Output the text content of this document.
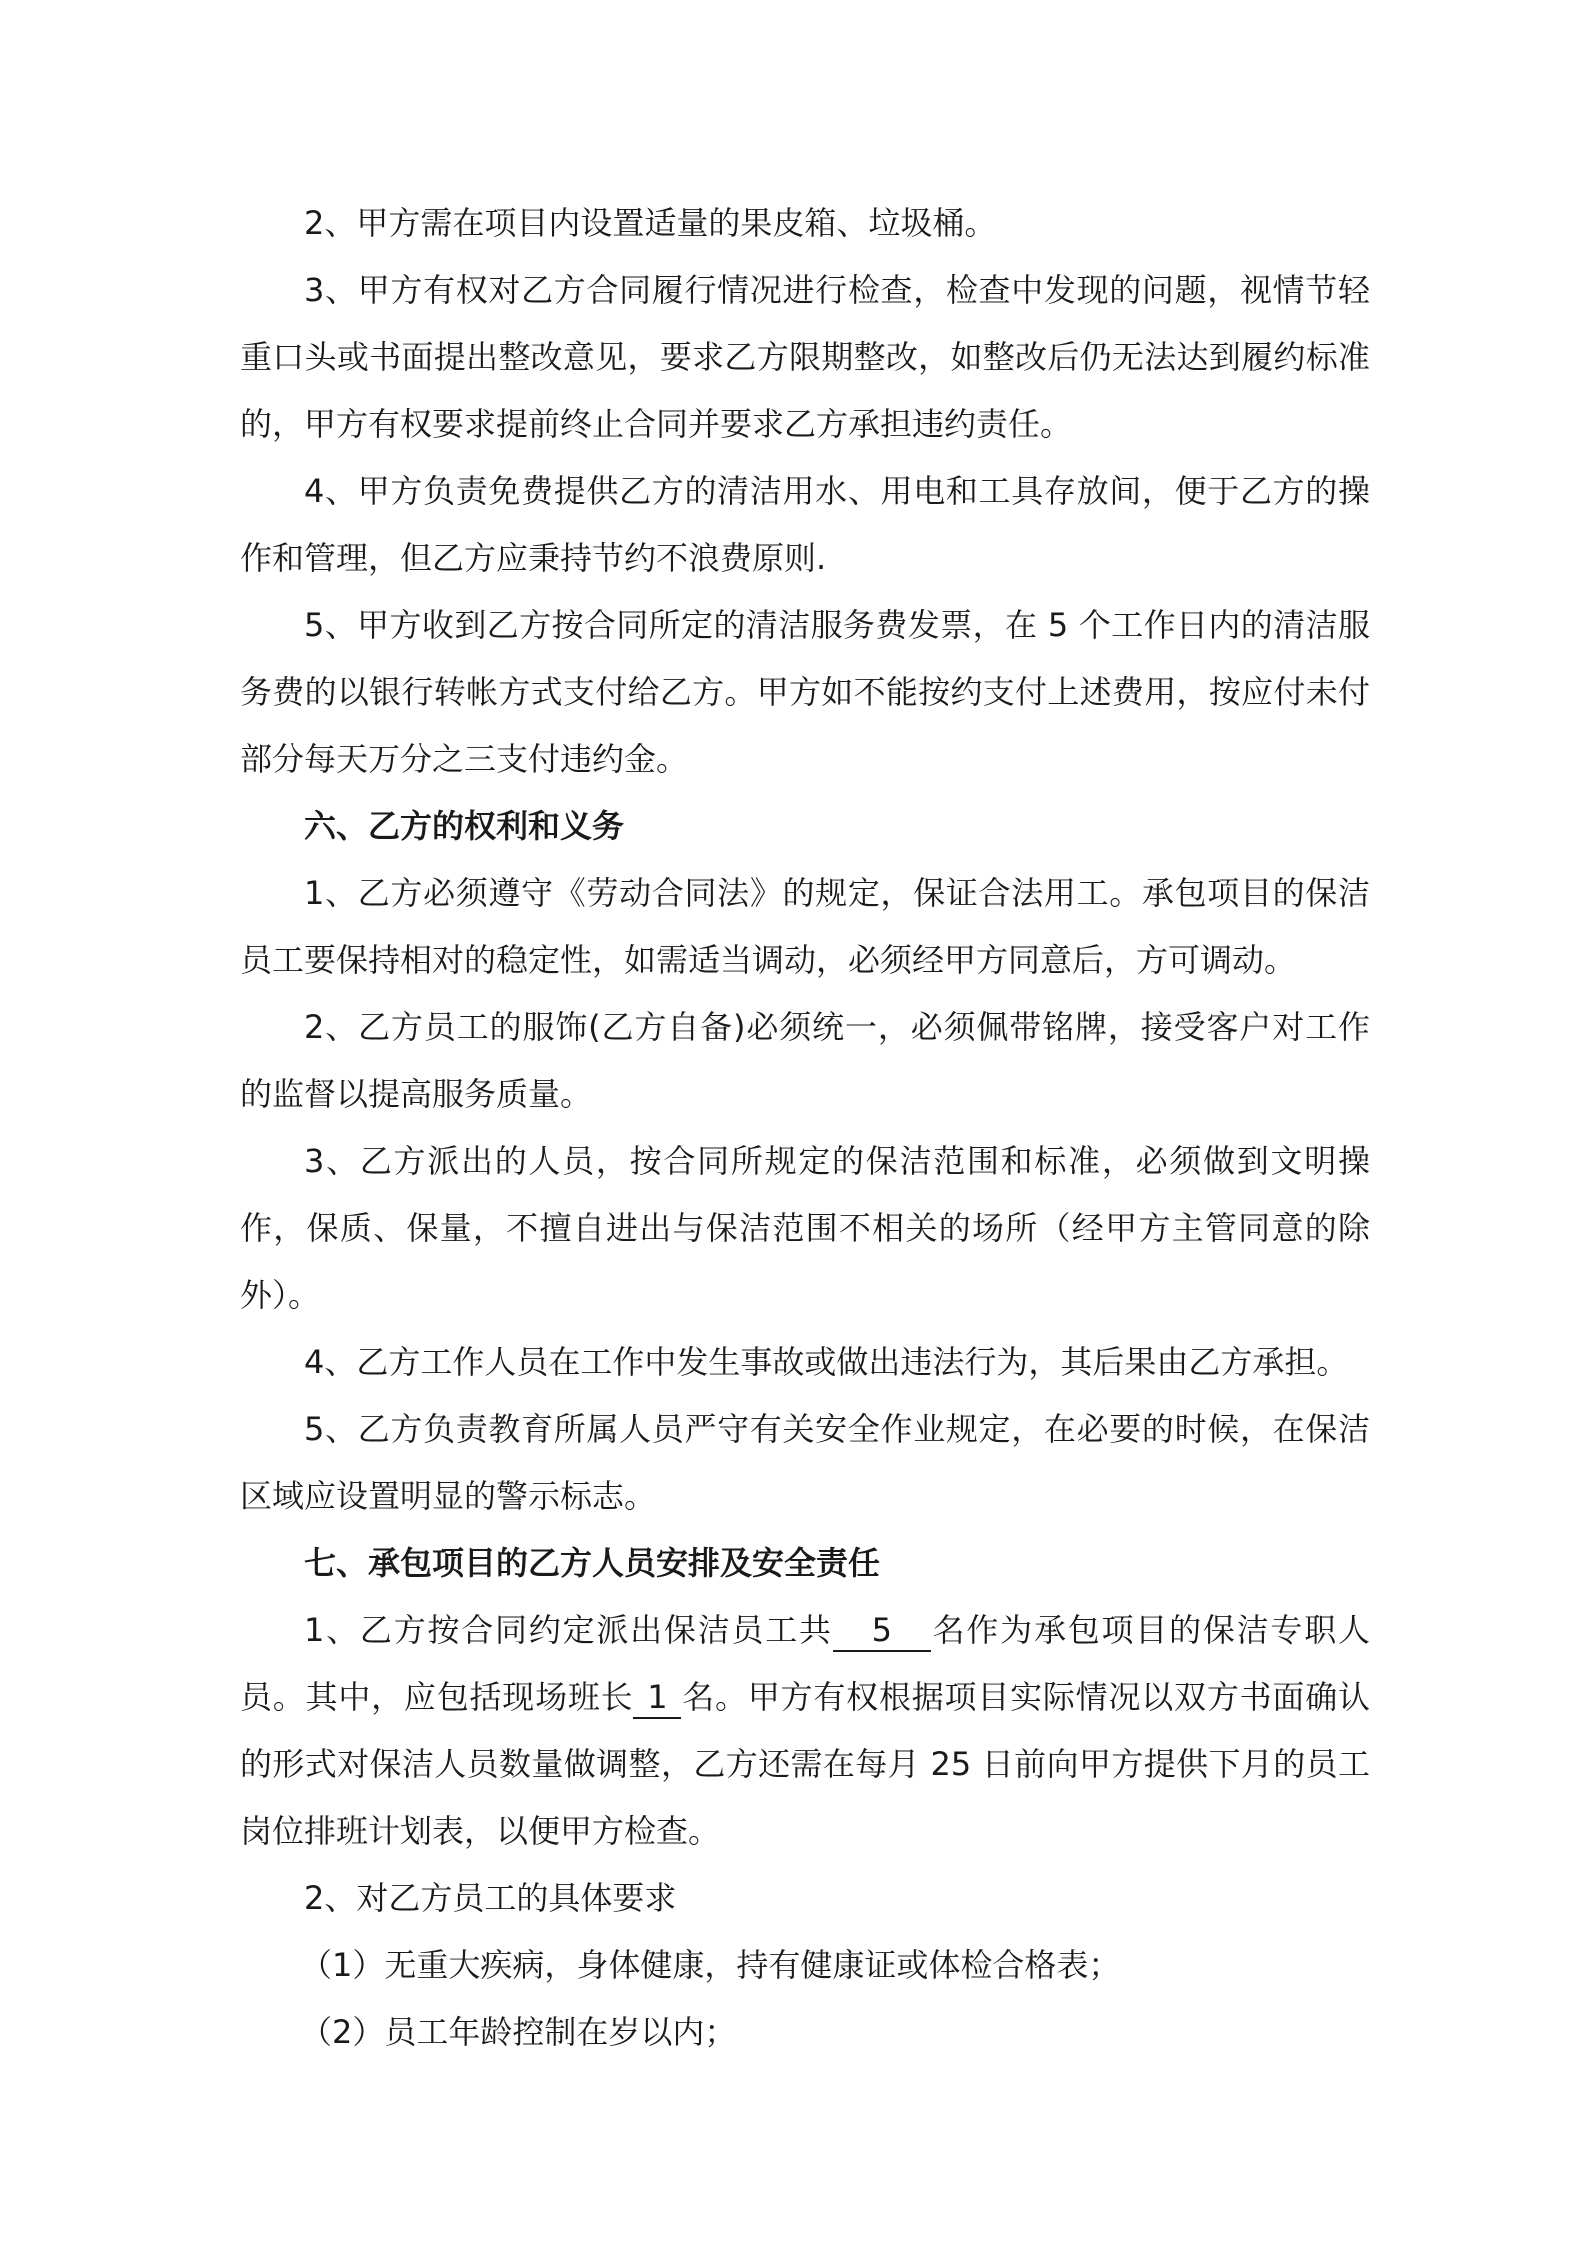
2、甲方需在项目内设置适量的果皮箱、垃圾桶。

3、甲方有权对乙方合同履行情况进行检查，检查中发现的问题，视情节轻重口头或书面提出整改意见，要求乙方限期整改，如整改后仍无法达到履约标准的，甲方有权要求提前终止合同并要求乙方承担违约责任。

4、甲方负责免费提供乙方的清洁用水、用电和工具存放间，便于乙方的操作和管理，但乙方应秉持节约不浪费原则.

5、甲方收到乙方按合同所定的清洁服务费发票，在 5 个工作日内的清洁服务费的以银行转帐方式支付给乙方。甲方如不能按约支付上述费用，按应付未付部分每天万分之三支付违约金。

六、乙方的权利和义务

1、乙方必须遵守《劳动合同法》的规定，保证合法用工。承包项目的保洁员工要保持相对的稳定性，如需适当调动，必须经甲方同意后，方可调动。

2、乙方员工的服饰(乙方自备)必须统一，必须佩带铭牌，接受客户对工作的监督以提高服务质量。

3、乙方派出的人员，按合同所规定的保洁范围和标准，必须做到文明操作，保质、保量，不擅自进出与保洁范围不相关的场所（经甲方主管同意的除外）。

4、乙方工作人员在工作中发生事故或做出违法行为，其后果由乙方承担。

5、乙方负责教育所属人员严守有关安全作业规定，在必要的时候，在保洁区域应设置明显的警示标志。

七、承包项目的乙方人员安排及安全责任

1、乙方按合同约定派出保洁员工共 5 名作为承包项目的保洁专职人员。其中，应包括现场班长 1 名。甲方有权根据项目实际情况以双方书面确认的形式对保洁人员数量做调整，乙方还需在每月 25 日前向甲方提供下月的员工岗位排班计划表，以便甲方检查。

2、对乙方员工的具体要求

（1）无重大疾病，身体健康，持有健康证或体检合格表；

（2）员工年龄控制在岁以内；
